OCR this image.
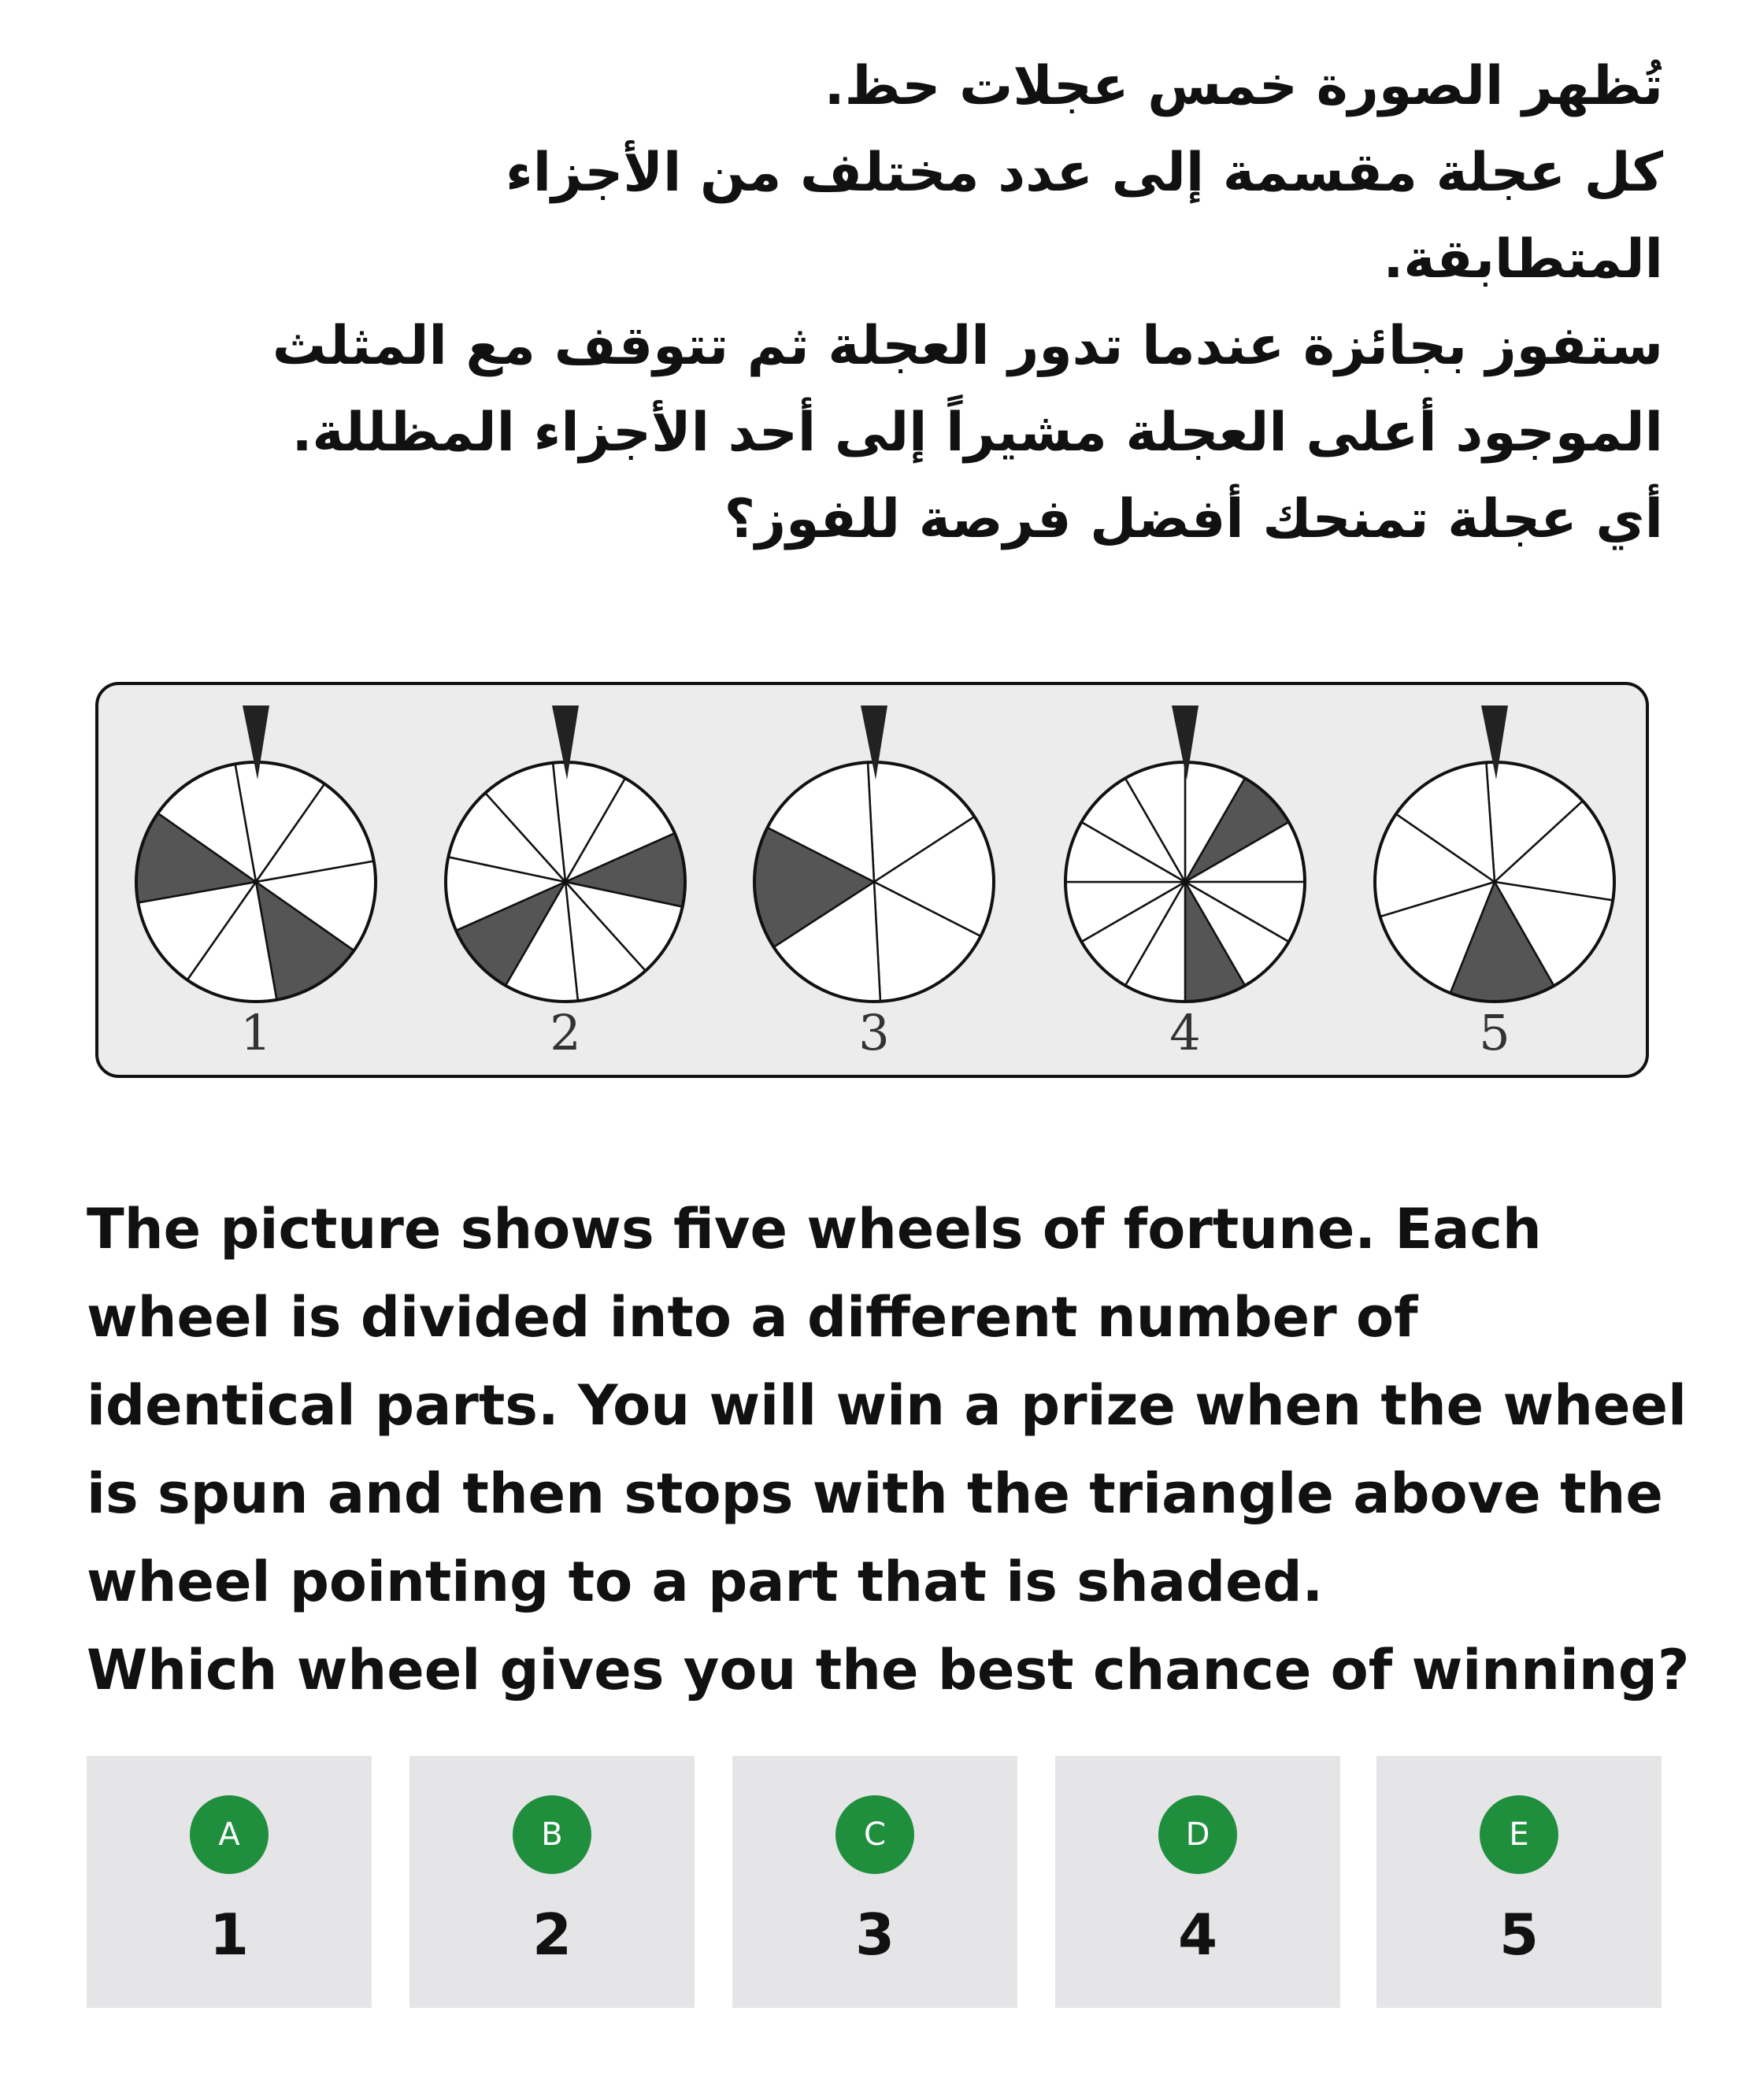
تُظهر الصورة خمس عجلات حظ.
كل عجلة مقسمة إلى عدد مختلف من الأجزاء
المتطابقة.
ستفوز بجائزة عندما تدور العجلة ثم تتوقف مع المثلث
الموجود أعلى العجلة مشيراً إلى أحد الأجزاء المظللة.
أي عجلة تمنحك أفضل فرصة للفوز؟
1	2	3	4	5
The picture shows five wheels of fortune. Each
wheel is divided into a different number of
identical parts. You will win a prize when the wheel
is spun and then stops with the triangle above the
wheel pointing to a part that is shaded.
Which wheel gives you the best chance of winning?
A
1
B
2
C
3
D
4
E
5
